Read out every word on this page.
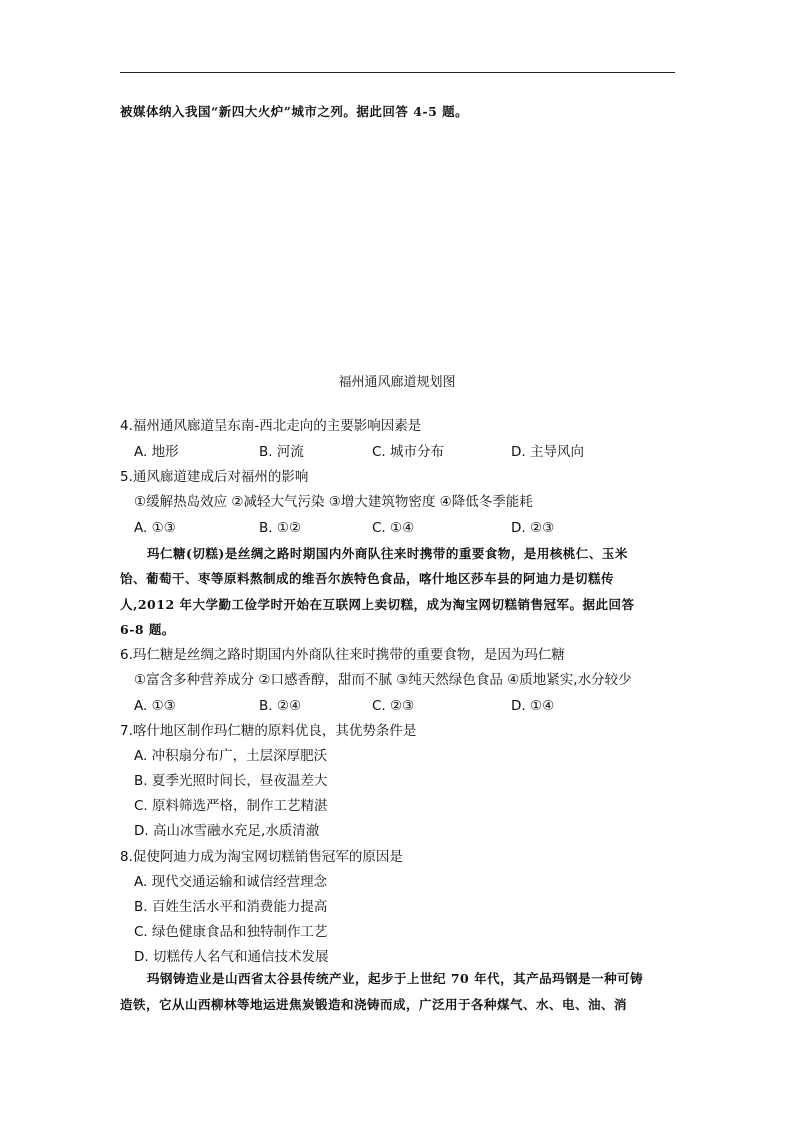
被媒体纳入我国“新四大火炉”城市之列。据此回答 4-5 题。
福州通风廊道规划图
4.福州通风廊道呈东南-西北走向的主要影响因素是
A. 地形	B. 河流	C. 城市分布	D. 主导风向
5.通风廊道建成后对福州的影响
①缓解热岛效应 ②减轻大气污染 ③增大建筑物密度 ④降低冬季能耗
A. ①③	B. ①②	C. ①④	D. ②③
玛仁糖(切糕)是丝绸之路时期国内外商队往来时携带的重要食物，是用核桃仁、玉米
饴、葡萄干、枣等原料熬制成的维吾尔族特色食品，喀什地区莎车县的阿迪力是切糕传
人,2012 年大学勤工俭学时开始在互联网上卖切糕，成为淘宝网切糕销售冠军。据此回答
6-8 题。
6.玛仁糖是丝绸之路时期国内外商队往来时携带的重要食物，是因为玛仁糖
①富含多种营养成分 ②口感香醇，甜而不腻 ③纯天然绿色食品 ④质地紧实,水分较少
A. ①③	B. ②④	C. ②③	D. ①④
7.喀什地区制作玛仁糖的原料优良，其优势条件是
A. 冲积扇分布广，土层深厚肥沃
B. 夏季光照时间长，昼夜温差大
C. 原料筛选严格，制作工艺精湛
D. 高山冰雪融水充足,水质清澈
8.促使阿迪力成为淘宝网切糕销售冠军的原因是
A. 现代交通运输和诚信经营理念
B. 百姓生活水平和消费能力提高
C. 绿色健康食品和独特制作工艺
D. 切糕传人名气和通信技术发展
玛钢铸造业是山西省太谷县传统产业，起步于上世纪 70 年代，其产品玛钢是一种可铸
造铁，它从山西柳林等地运进焦炭锻造和浇铸而成，广泛用于各种煤气、水、电、油、消
